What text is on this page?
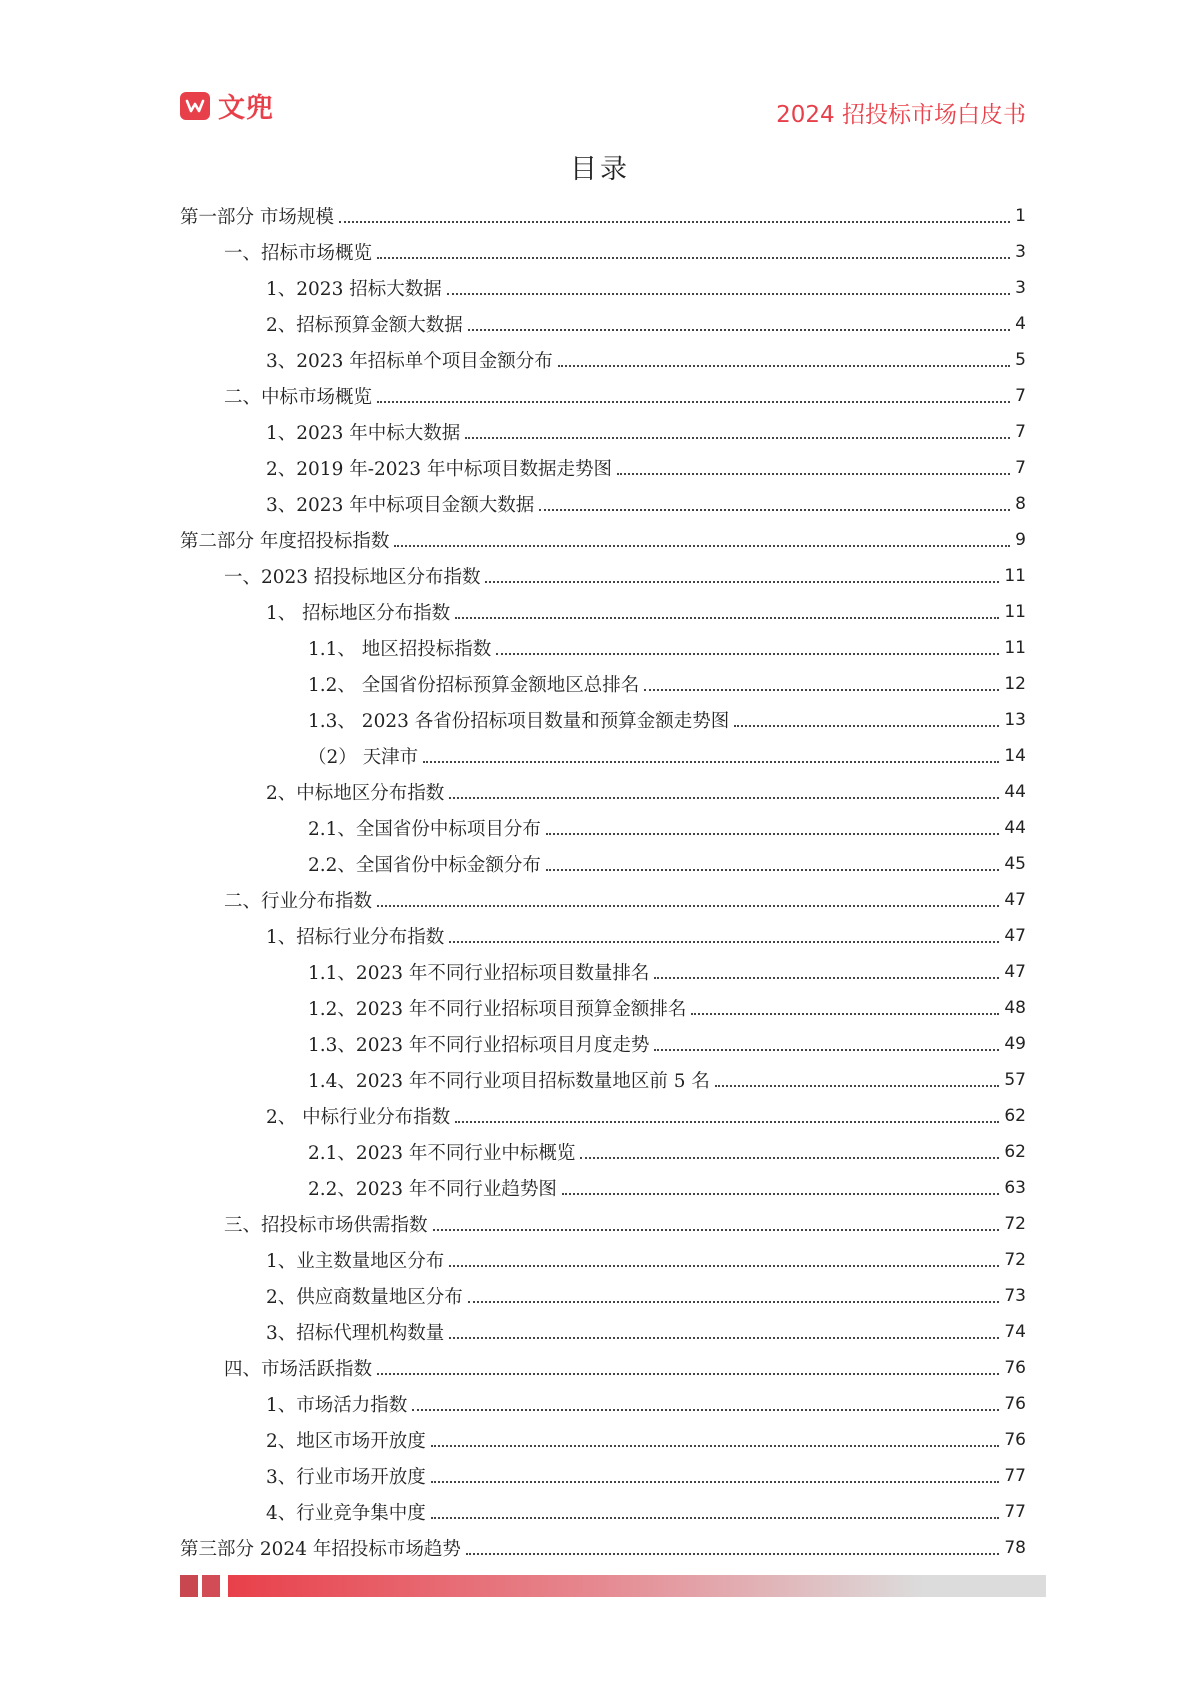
文兜	2024 招投标市场白皮书
目录
第一部分 市场规模	1
一、招标市场概览	3
1、2023 招标大数据	3
2、招标预算金额大数据	4
3、2023 年招标单个项目金额分布	5
二、中标市场概览	7
1、2023 年中标大数据	7
2、2019 年-2023 年中标项目数据走势图	7
3、2023 年中标项目金额大数据	8
第二部分 年度招投标指数	9
一、2023 招投标地区分布指数	11
1、 招标地区分布指数	11
1.1、 地区招投标指数	11
1.2、 全国省份招标预算金额地区总排名	12
1.3、 2023 各省份招标项目数量和预算金额走势图	13
（2） 天津市	14
2、中标地区分布指数	44
2.1、全国省份中标项目分布	44
2.2、全国省份中标金额分布	45
二、行业分布指数	47
1、招标行业分布指数	47
1.1、2023 年不同行业招标项目数量排名	47
1.2、2023 年不同行业招标项目预算金额排名	48
1.3、2023 年不同行业招标项目月度走势	49
1.4、2023 年不同行业项目招标数量地区前 5 名	57
2、 中标行业分布指数	62
2.1、2023 年不同行业中标概览	62
2.2、2023 年不同行业趋势图	63
三、招投标市场供需指数	72
1、业主数量地区分布	72
2、供应商数量地区分布	73
3、招标代理机构数量	74
四、市场活跃指数	76
1、市场活力指数	76
2、地区市场开放度	76
3、行业市场开放度	77
4、行业竞争集中度	77
第三部分 2024 年招投标市场趋势	78
